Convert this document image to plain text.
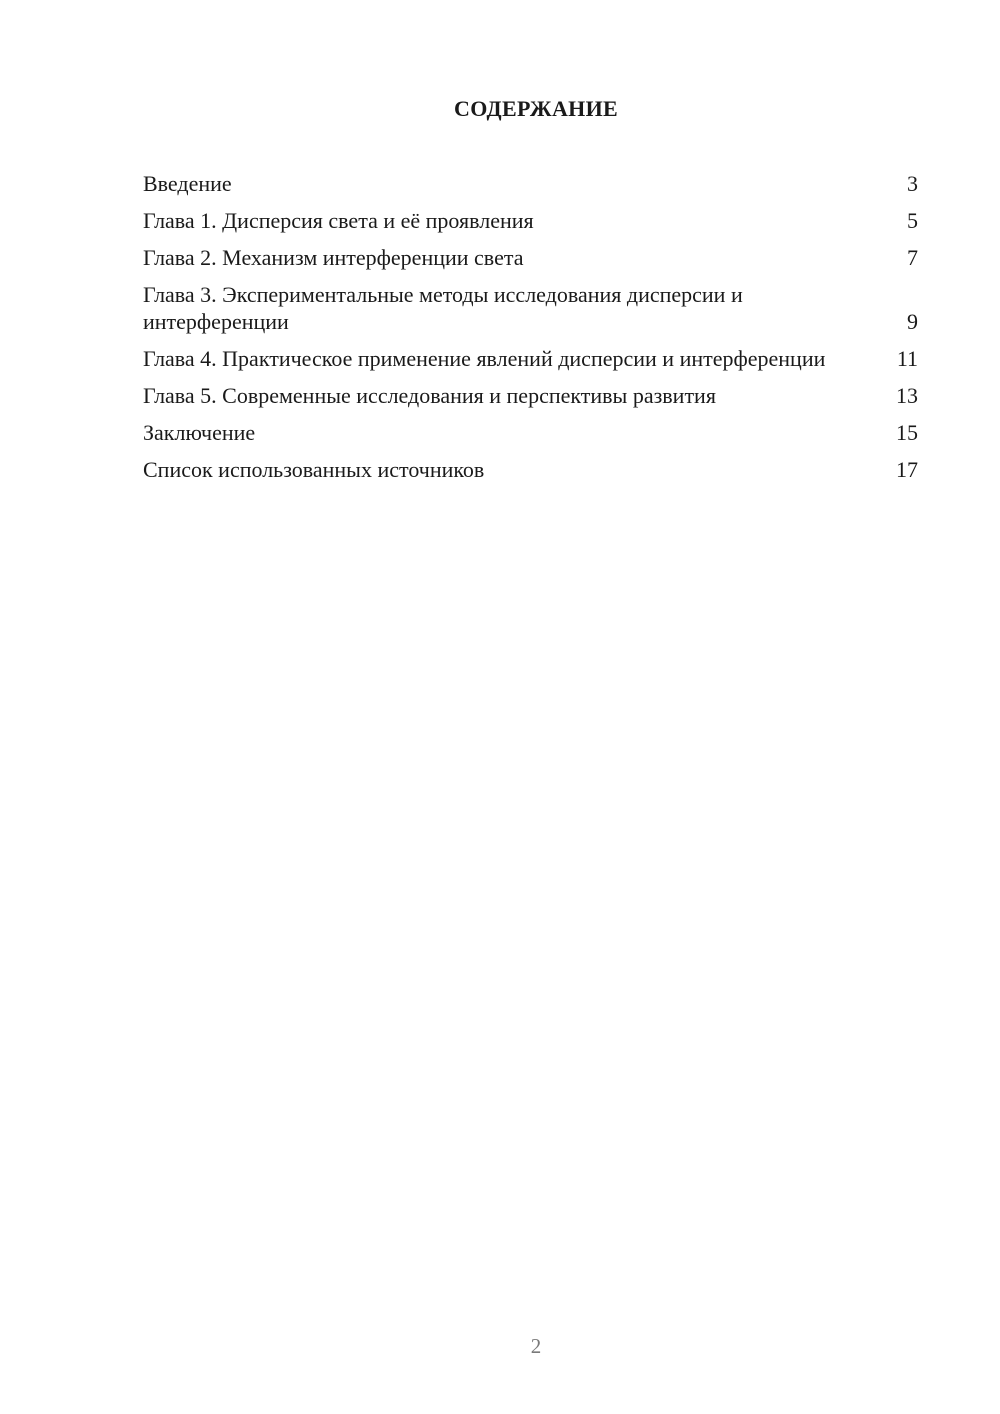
СОДЕРЖАНИЕ
Введение	3
Глава 1. Дисперсия света и её проявления	5
Глава 2. Механизм интерференции света	7
Глава 3. Экспериментальные методы исследования дисперсии и интерференции	9
Глава 4. Практическое применение явлений дисперсии и интерференции	11
Глава 5. Современные исследования и перспективы развития	13
Заключение	15
Список использованных источников	17
2
